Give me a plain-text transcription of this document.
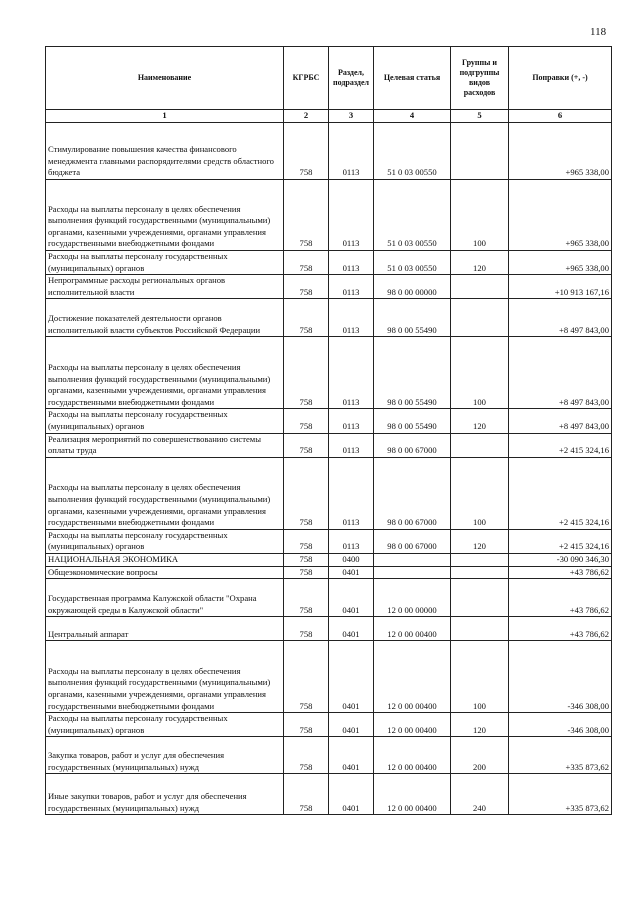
118
Наименование	КГРБС	Раздел, подраздел	Целевая статья	Группы и подгруппы видов расходов	Поправки (+, -)
1	2	3	4	5	6
Стимулирование повышения качества финансового менеджмента главными распорядителями средств областного бюджета	758	0113	51 0 03 00550		+965 338,00
Расходы на выплаты персоналу в целях обеспечения выполнения функций государственными (муниципальными) органами, казенными учреждениями, органами управления государственными внебюджетными фондами	758	0113	51 0 03 00550	100	+965 338,00
Расходы на выплаты персоналу государственных (муниципальных) органов	758	0113	51 0 03 00550	120	+965 338,00
Непрограммные расходы региональных органов исполнительной власти	758	0113	98 0 00 00000		+10 913 167,16
Достижение показателей деятельности органов исполнительной власти субъектов Российской Федерации	758	0113	98 0 00 55490		+8 497 843,00
Расходы на выплаты персоналу в целях обеспечения выполнения функций государственными (муниципальными) органами, казенными учреждениями, органами управления государственными внебюджетными фондами	758	0113	98 0 00 55490	100	+8 497 843,00
Расходы на выплаты персоналу государственных (муниципальных) органов	758	0113	98 0 00 55490	120	+8 497 843,00
Реализация мероприятий по совершенствованию системы оплаты труда	758	0113	98 0 00 67000		+2 415 324,16
Расходы на выплаты персоналу в целях обеспечения выполнения функций государственными (муниципальными) органами, казенными учреждениями, органами управления государственными внебюджетными фондами	758	0113	98 0 00 67000	100	+2 415 324,16
Расходы на выплаты персоналу государственных (муниципальных) органов	758	0113	98 0 00 67000	120	+2 415 324,16
НАЦИОНАЛЬНАЯ ЭКОНОМИКА	758	0400			-30 090 346,30
Общеэкономические вопросы	758	0401			+43 786,62
Государственная программа Калужской области "Охрана окружающей среды в Калужской области"	758	0401	12 0 00 00000		+43 786,62
Центральный аппарат	758	0401	12 0 00 00400		+43 786,62
Расходы на выплаты персоналу в целях обеспечения выполнения функций государственными (муниципальными) органами, казенными учреждениями, органами управления государственными внебюджетными фондами	758	0401	12 0 00 00400	100	-346 308,00
Расходы на выплаты персоналу государственных (муниципальных) органов	758	0401	12 0 00 00400	120	-346 308,00
Закупка товаров, работ и услуг для обеспечения государственных (муниципальных) нужд	758	0401	12 0 00 00400	200	+335 873,62
Иные закупки товаров, работ и услуг для обеспечения государственных (муниципальных) нужд	758	0401	12 0 00 00400	240	+335 873,62
